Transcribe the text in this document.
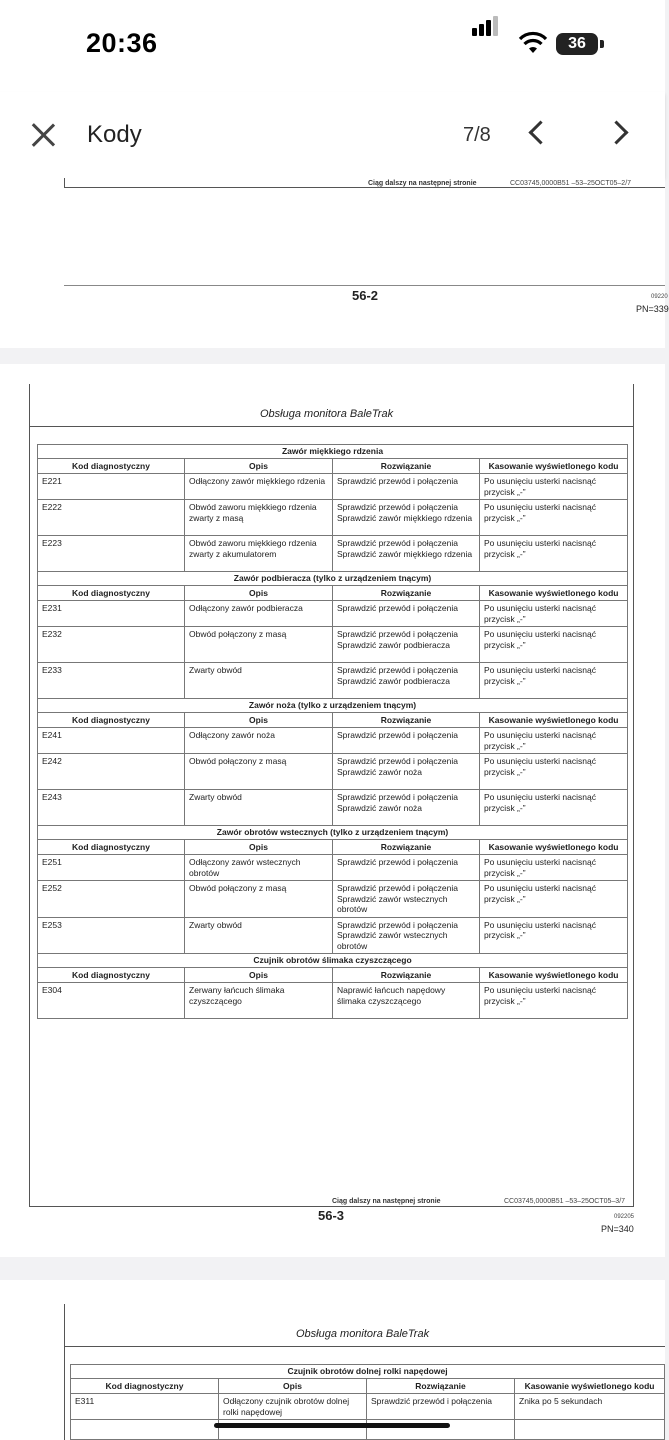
20:36	36
Kody	7/8
Ciąg dalszy na następnej stronie	CC03745,0000B51 –53–25OCT05–2/7
56-2	09220
PN=339
Obsługa monitora BaleTrak
Ciąg dalszy na następnej stronie	CC03745,0000B51 –53–25OCT05–3/7
56-3	092205
PN=340
Zawór miękkiego rdzenia			
Kod diagnostyczny	Opis	Rozwiązanie	Kasowanie wyświetlonego kodu
E221	Odłączony zawór miękkiego rdzenia	Sprawdzić przewód i połączenia	Po usunięciu usterki nacisnąć przycisk „-”
E222	Obwód zaworu miękkiego rdzenia zwarty z masą	Sprawdzić przewód i połączenia Sprawdzić zawór miękkiego rdzenia	Po usunięciu usterki nacisnąć przycisk „-”
E223	Obwód zaworu miękkiego rdzenia zwarty z akumulatorem	Sprawdzić przewód i połączenia Sprawdzić zawór miękkiego rdzenia	Po usunięciu usterki nacisnąć przycisk „-”
Zawór podbieracza (tylko z urządzeniem tnącym)			
Kod diagnostyczny	Opis	Rozwiązanie	Kasowanie wyświetlonego kodu
E231	Odłączony zawór podbieracza	Sprawdzić przewód i połączenia	Po usunięciu usterki nacisnąć przycisk „-”
E232	Obwód połączony z masą	Sprawdzić przewód i połączenia Sprawdzić zawór podbieracza	Po usunięciu usterki nacisnąć przycisk „-”
E233	Zwarty obwód	Sprawdzić przewód i połączenia Sprawdzić zawór podbieracza	Po usunięciu usterki nacisnąć przycisk „-”
Zawór noża (tylko z urządzeniem tnącym)			
Kod diagnostyczny	Opis	Rozwiązanie	Kasowanie wyświetlonego kodu
E241	Odłączony zawór noża	Sprawdzić przewód i połączenia	Po usunięciu usterki nacisnąć przycisk „-”
E242	Obwód połączony z masą	Sprawdzić przewód i połączenia Sprawdzić zawór noża	Po usunięciu usterki nacisnąć przycisk „-”
E243	Zwarty obwód	Sprawdzić przewód i połączenia Sprawdzić zawór noża	Po usunięciu usterki nacisnąć przycisk „-”
Zawór obrotów wstecznych (tylko z urządzeniem tnącym)			
Kod diagnostyczny	Opis	Rozwiązanie	Kasowanie wyświetlonego kodu
E251	Odłączony zawór wstecznych obrotów	Sprawdzić przewód i połączenia	Po usunięciu usterki nacisnąć przycisk „-”
E252	Obwód połączony z masą	Sprawdzić przewód i połączenia Sprawdzić zawór wstecznych obrotów	Po usunięciu usterki nacisnąć przycisk „-”
E253	Zwarty obwód	Sprawdzić przewód i połączenia Sprawdzić zawór wstecznych obrotów	Po usunięciu usterki nacisnąć przycisk „-”
Czujnik obrotów ślimaka czyszczącego			
Kod diagnostyczny	Opis	Rozwiązanie	Kasowanie wyświetlonego kodu
E304	Zerwany łańcuch ślimaka czyszczącego	Naprawić łańcuch napędowy ślimaka czyszczącego	Po usunięciu usterki nacisnąć przycisk „-”
Obsługa monitora BaleTrak
Czujnik obrotów dolnej rolki napędowej			
Kod diagnostyczny	Opis	Rozwiązanie	Kasowanie wyświetlonego kodu
E311	Odłączony czujnik obrotów dolnej rolki napędowej	Sprawdzić przewód i połączenia	Znika po 5 sekundach
